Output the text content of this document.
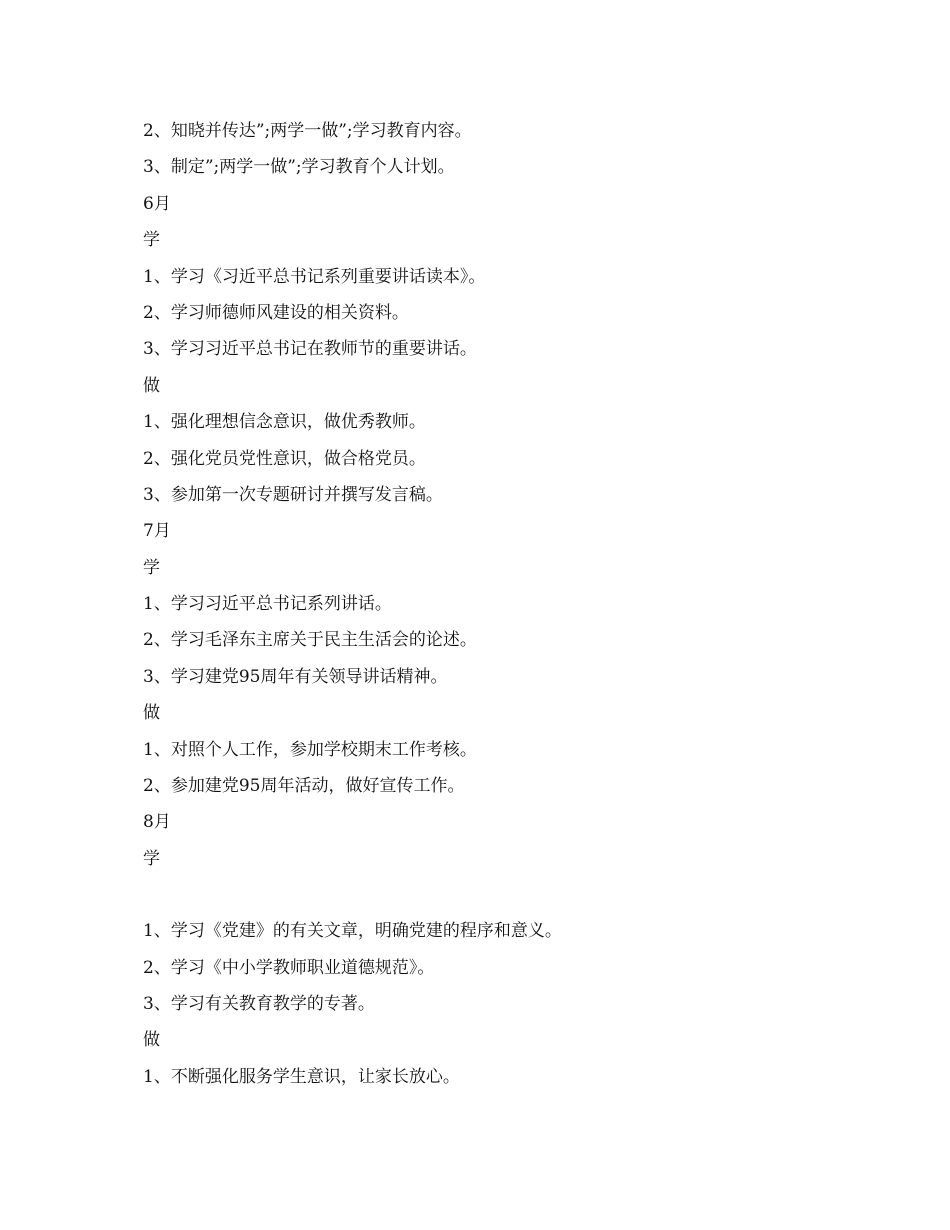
2、知晓并传达”;两学一做”;学习教育内容。
3、制定”;两学一做”;学习教育个人计划。
6月
学
1、学习《习近平总书记系列重要讲话读本》。
2、学习师德师风建设的相关资料。
3、学习习近平总书记在教师节的重要讲话。
做
1、强化理想信念意识，做优秀教师。
2、强化党员党性意识，做合格党员。
3、参加第一次专题研讨并撰写发言稿。
7月
学
1、学习习近平总书记系列讲话。
2、学习毛泽东主席关于民主生活会的论述。
3、学习建党95周年有关领导讲话精神。
做
1、对照个人工作，参加学校期末工作考核。
2、参加建党95周年活动，做好宣传工作。
8月
学
1、学习《党建》的有关文章，明确党建的程序和意义。
2、学习《中小学教师职业道德规范》。
3、学习有关教育教学的专著。
做
1、不断强化服务学生意识，让家长放心。
